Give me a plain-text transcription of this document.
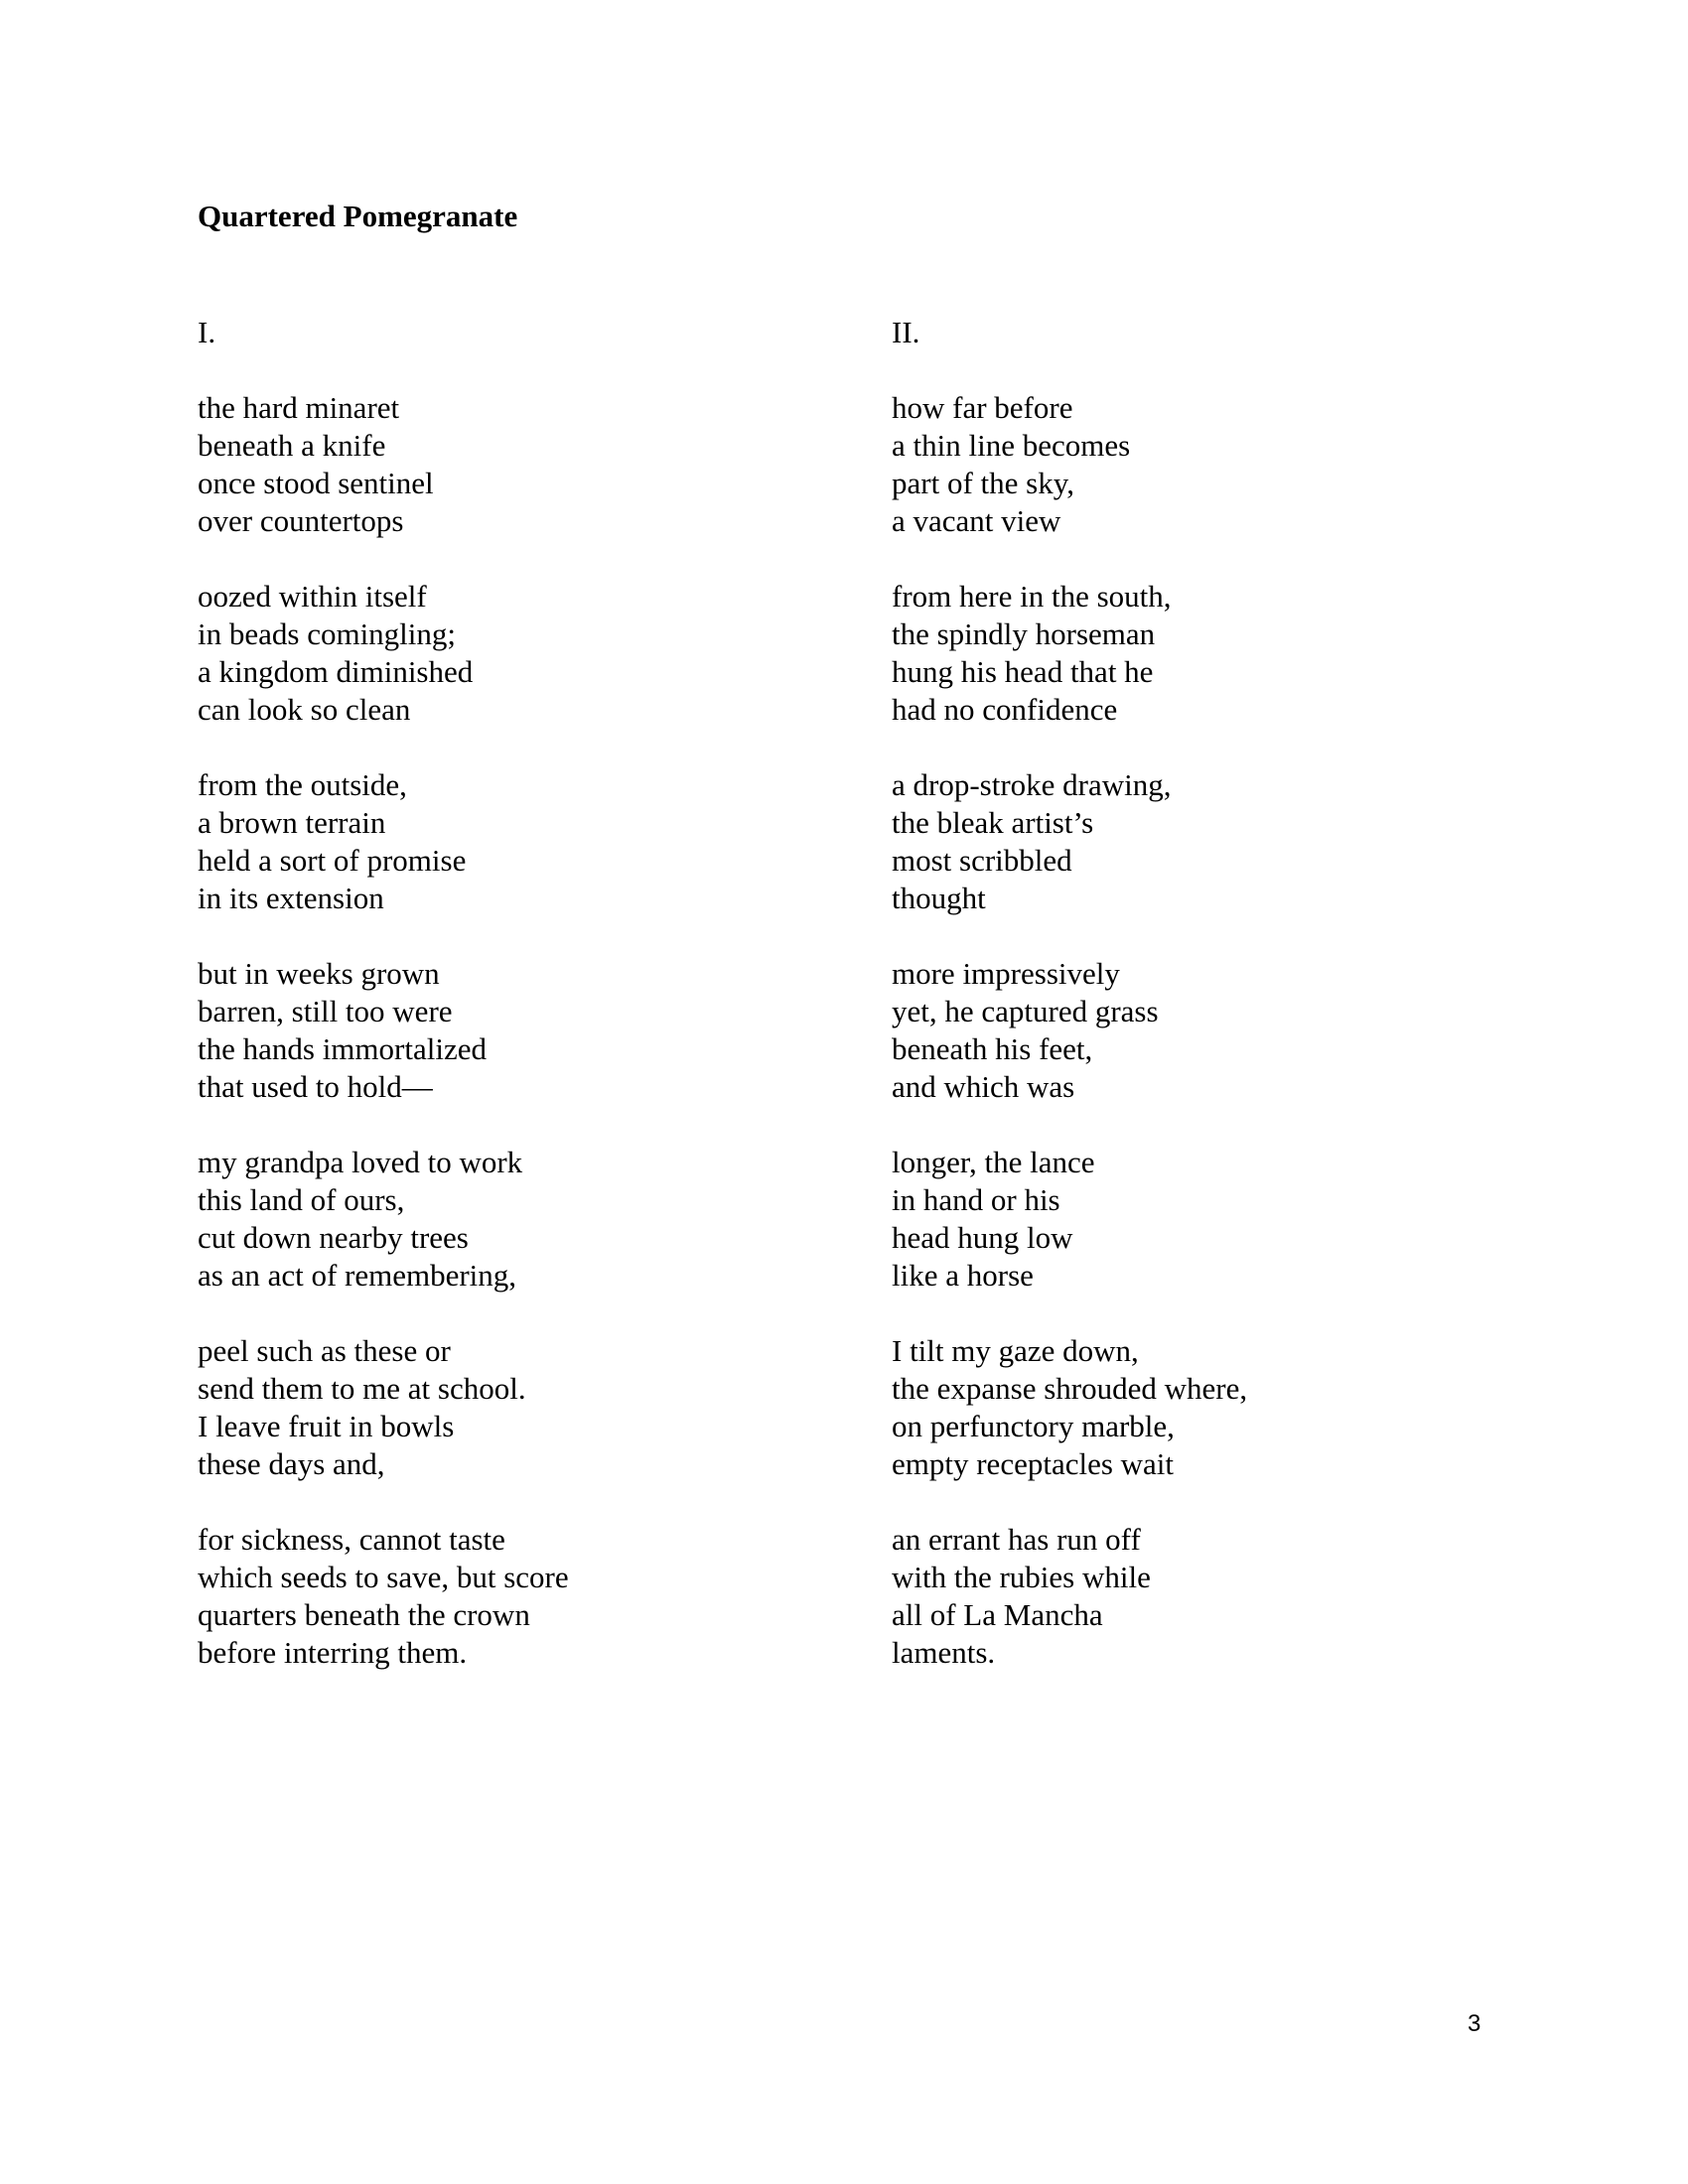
Quartered Pomegranate
I.
the hard minaret
beneath a knife
once stood sentinel
over countertops
oozed within itself
in beads comingling;
a kingdom diminished
can look so clean
from the outside,
a brown terrain
held a sort of promise
in its extension
but in weeks grown
barren, still too were
the hands immortalized
that used to hold—
my grandpa loved to work
this land of ours,
cut down nearby trees
as an act of remembering,
peel such as these or
send them to me at school.
I leave fruit in bowls
these days and,
for sickness, cannot taste
which seeds to save, but score
quarters beneath the crown
before interring them.
II.
how far before
a thin line becomes
part of the sky,
a vacant view
from here in the south,
the spindly horseman
hung his head that he
had no confidence
a drop-stroke drawing,
the bleak artist’s
most scribbled
thought
more impressively
yet, he captured grass
beneath his feet,
and which was
longer, the lance
in hand or his
head hung low
like a horse
I tilt my gaze down,
the expanse shrouded where,
on perfunctory marble,
empty receptacles wait
an errant has run off
with the rubies while
all of La Mancha
laments.
3
